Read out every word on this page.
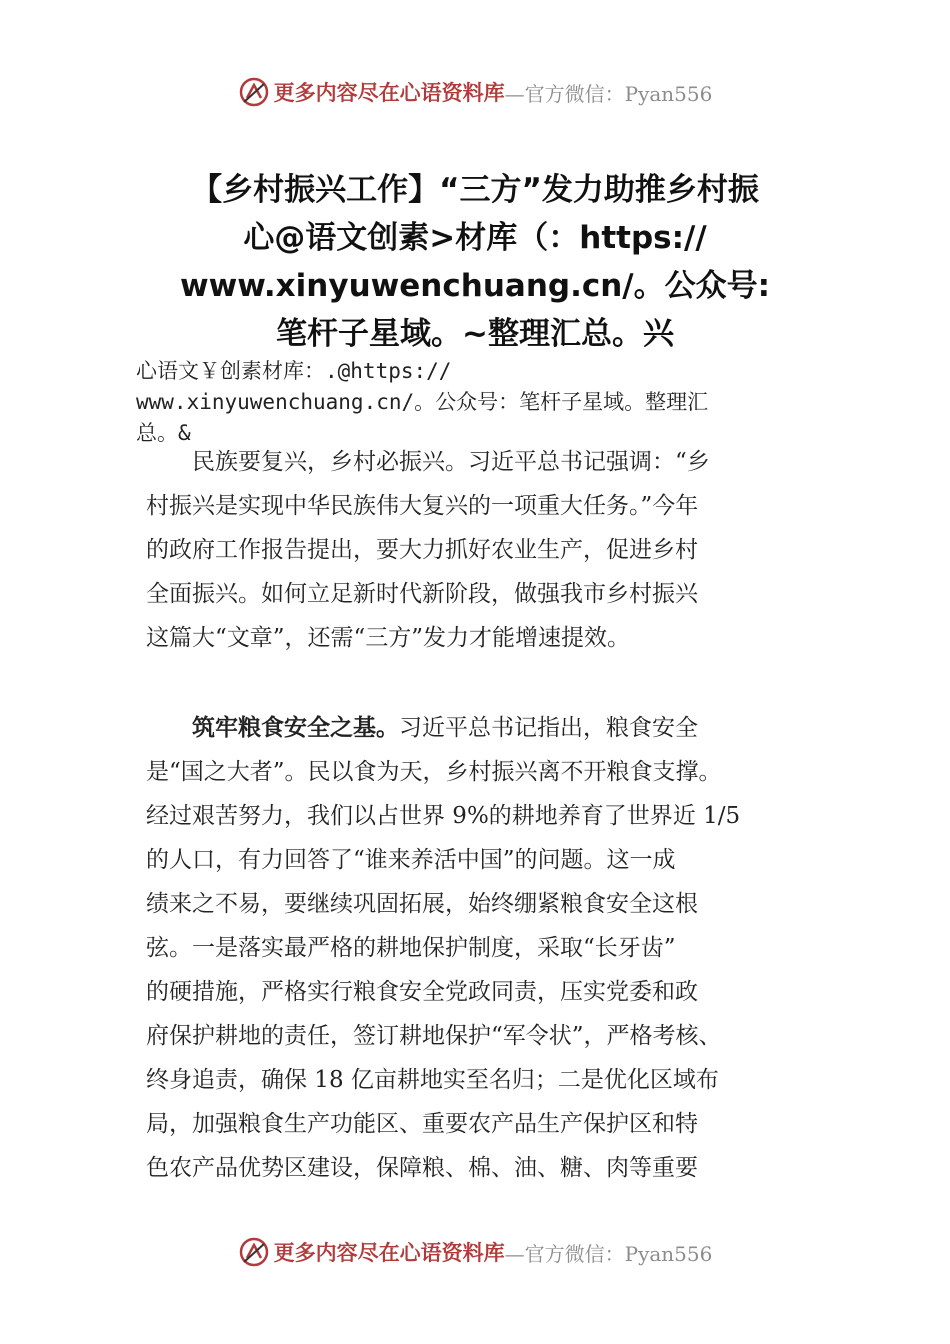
更多内容尽在心语资料库 —官方微信：Pyan556
【乡村振兴工作】“三方”发力助推乡村振
心@语文创素>材库（：https://
www.xinyuwenchuang.cn/。公众号:
笔杆子星域。~整理汇总。兴
心语文￥创素材库：.@https://
www.xinyuwenchuang.cn/。公众号：笔杆子星域。整理汇
总。&
　　民族要复兴，乡村必振兴。习近平总书记强调：“乡
村振兴是实现中华民族伟大复兴的一项重大任务。”今年
的政府工作报告提出，要大力抓好农业生产，促进乡村
全面振兴。如何立足新时代新阶段，做强我市乡村振兴
这篇大“文章”，还需“三方”发力才能增速提效。
　　筑牢粮食安全之基。习近平总书记指出，粮食安全
是“国之大者”。民以食为天，乡村振兴离不开粮食支撑。
经过艰苦努力，我们以占世界 9%的耕地养育了世界近 1/5
的人口，有力回答了“谁来养活中国”的问题。这一成
绩来之不易，要继续巩固拓展，始终绷紧粮食安全这根
弦。一是落实最严格的耕地保护制度，采取“长牙齿”
的硬措施，严格实行粮食安全党政同责，压实党委和政
府保护耕地的责任，签订耕地保护“军令状”，严格考核、
终身追责，确保 18 亿亩耕地实至名归；二是优化区域布
局，加强粮食生产功能区、重要农产品生产保护区和特
色农产品优势区建设，保障粮、棉、油、糖、肉等重要
更多内容尽在心语资料库 —官方微信：Pyan556
